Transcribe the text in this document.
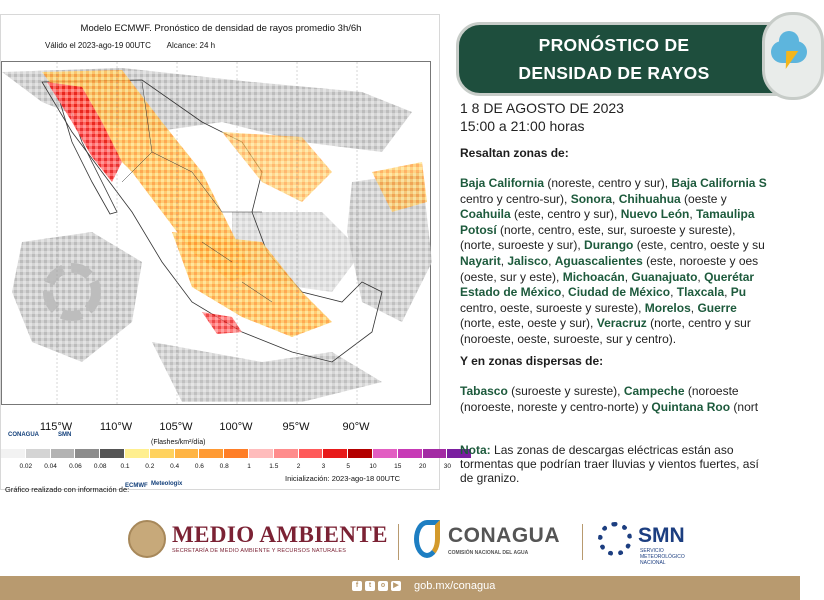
Modelo ECMWF. Pronóstico de densidad de rayos promedio 3h/6h
Válido el 2023-ago-19 00UTC Alcance: 24 h
CONAGUA	SMN
115°W	110°W 105°W 100°W	95°W	90°W
(Flashes/km²/día)
0.02 0.04 0.06 0.08 0.1 0.2 0.4 0.6 0.8	1	1.5	2	3	5	10	15	20	30
Gráfico realizado con información de:
ECMWF Meteologix
Inicialización: 2023-ago-18 00UTC
PRONÓSTICO DE
DENSIDAD DE RAYOS
1 8 DE AGOSTO DE 2023
15:00 a 21:00 horas
Resaltan zonas de:
Baja California (noreste, centro y sur), Baja California S
centro y centro-sur), Sonora, Chihuahua (oeste y
Coahuila (este, centro y sur), Nuevo León, Tamaulipa
Potosí (norte, centro, este, sur, suroeste y sureste),
(norte, suroeste y sur), Durango (este, centro, oeste y su
Nayarit, Jalisco, Aguascalientes (este, noroeste y oes
(oeste, sur y este), Michoacán, Guanajuato, Querétar
Estado de México, Ciudad de México, Tlaxcala, Pu
centro, oeste, suroeste y sureste), Morelos, Guerre
(norte, este, oeste y sur), Veracruz (norte, centro y sur
(noroeste, oeste, suroeste, sur y centro).
Y en zonas dispersas de:
Tabasco (suroeste y sureste), Campeche (noroeste
(noroeste, noreste y centro-norte) y Quintana Roo (nort
Nota: Las zonas de descargas eléctricas están aso
tormentas que podrían traer lluvias y vientos fuertes, así
de granizo.
MEDIO AMBIENTE
SECRETARÍA DE MEDIO AMBIENTE Y RECURSOS NATURALES
CONAGUA
COMISIÓN NACIONAL DEL AGUA
SMN
SERVICIO METEOROLÓGICO NACIONAL
f	t	o	▶ gob.mx/conagua
